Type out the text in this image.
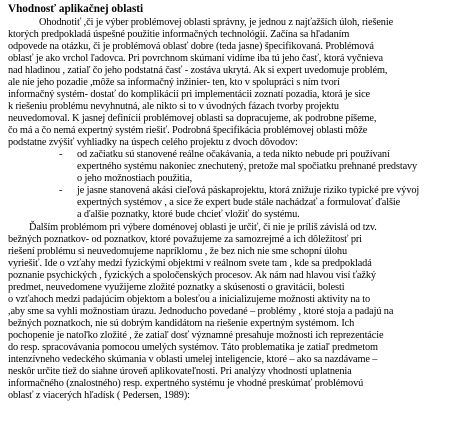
Vhodnosť aplikačnej oblasti
Ohodnotiť ,či je výber problémovej oblasti správny, je jednou z najťažších úloh, riešenie
ktorých predpokladá úspešné použitie informačných technológií. Začína sa hľadaním
odpovede na otázku, či je problémová oblasť dobre (teda jasne) špecifikovaná. Problémová
oblasť je ako vrchol ľadovca. Pri povrchnom skúmaní vidíme iba tú jeho časť, ktorá vyčnieva
nad hladinou , zatiaľ čo jeho podstatná časť - zostáva ukrytá. Ak si expert uvedomuje problém,
ale nie jeho pozadie ,môže sa informačný inžinier- ten, kto v spolupráci s ním tvorí
informačný systém- dostať do komplikácií pri implementácii zoznatí pozadia, ktorá je sice
k riešeniu problému nevyhnutná, ale nikto si to v úvodných fázach tvorby projektu
neuvedomoval. K jasnej definícii problémovej oblasti sa dopracujeme, ak podrobne píšeme,
čo má a čo nemá expertný systém riešiť. Podrobná špecifikácia problémovej oblasti môže
podstatne zvýšiť vyhliadky na úspech celého projektu z dvoch dôvodov:
- od začiatku sú stanovené reálne očakávania, a teda nikto nebude pri používaní
expertného systému nakoniec znechutený, pretože mal spočiatku prehnané predstavy
o jeho možnostiach použitia,
- je jasne stanovená akási cieľová páskaprojektu, ktorá znižuje riziko typické pre vývoj
expertných systémov , a sice že expert bude stále nachádzať a formulovať ďalšie
a ďalšie poznatky, ktoré bude chcieť vložiť do systému.
Ďalším problémom pri výbere doménovej oblasti je určiť, či nie je príliš závislá od tzv.
bežných poznatkov- od poznatkov, ktoré považujeme za samozrejmé a ich dôležitosť pri
riešení problému si neuvedomujeme napríklomu , že bez nich nie sme schopní úlohu
vyriešiť. Ide o vzťahy medzi fyzickými objektmi v reálnom svete tam , kde sa predpokladá
poznanie psychických , fyzických a spoločenských procesov. Ak nám nad hlavou visí ťažký
predmet, neuvedomene využijeme zložité poznatky a skúsenosti o gravitácii, bolesti
o vzťahoch medzi padajúcim objektom a bolesťou a inicializujeme možnosti aktivity na to
,aby sme sa vyhli možnostiam úrazu. Jednoducho povedané – problémy , ktoré stoja a padajú na
bežných poznatkoch, nie sú dobrým kandidátom na riešenie expertným systémom. Ich
pochopenie je natoľko zložité , že zatiaľ dosť významné presahuje možnosti ich reprezentácie
do resp. spracovávania pomocou umelých systémov. Táto problematika je zatiaľ predmetom
intenzívneho vedeckého skúmania v oblasti umelej inteligencie, ktoré – ako sa nazdávame –
neskôr určite tiež do siahne úroveň aplikovateľnosti. Pri analýzy vhodnosti uplatnenia
informačného (znalostného) resp. expertného systému je vhodné preskúmať problémovú
oblasť z viacerých hľadísk ( Pedersen, 1989):
